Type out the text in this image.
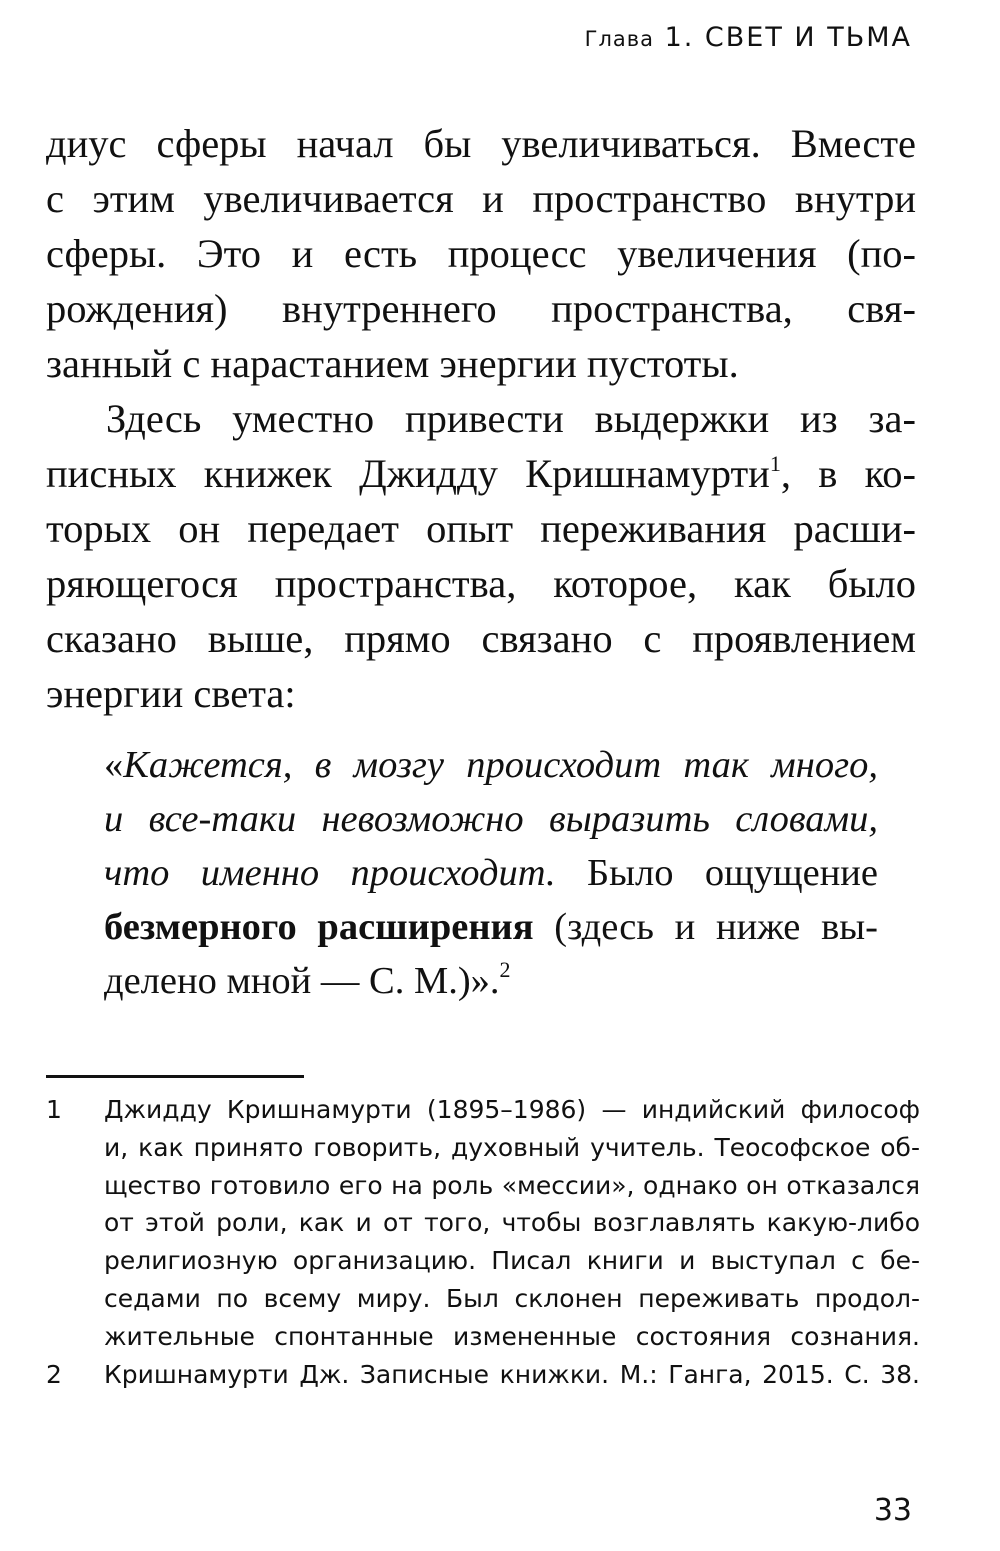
Глава 1. СВЕТ И ТЬМА
диус сферы начал бы увеличиваться. Вместе
с этим увеличивается и пространство внутри
сферы. Это и есть процесс увеличения (по-
рождения) внутреннего пространства, свя-
занный с нарастанием энергии пустоты.
Здесь уместно привести выдержки из за-
писных книжек Джидду Кришнамурти$^1$, в ко-
торых он передает опыт переживания расши-
ряющегося пространства, которое, как было
сказано выше, прямо связано с проявлением
энергии света:
«Кажется, в мозгу происходит так много,
и все-таки невозможно выразить словами,
что именно происходит. Было ощущение
безмерного расширения (здесь и ниже вы-
делено мной — С. М.)».$^2$
1 Джидду Кришнамурти (1895–1986) — индийский философ
и, как принято говорить, духовный учитель. Теософское об-
щество готовило его на роль «мессии», однако он отказался
от этой роли, как и от того, чтобы возглавлять какую-либо
религиозную организацию. Писал книги и выступал с бе-
седами по всему миру. Был склонен переживать продол-
жительные спонтанные измененные состояния сознания.
2 Кришнамурти Дж. Записные книжки. М.: Ганга, 2015. С. 38.
33
